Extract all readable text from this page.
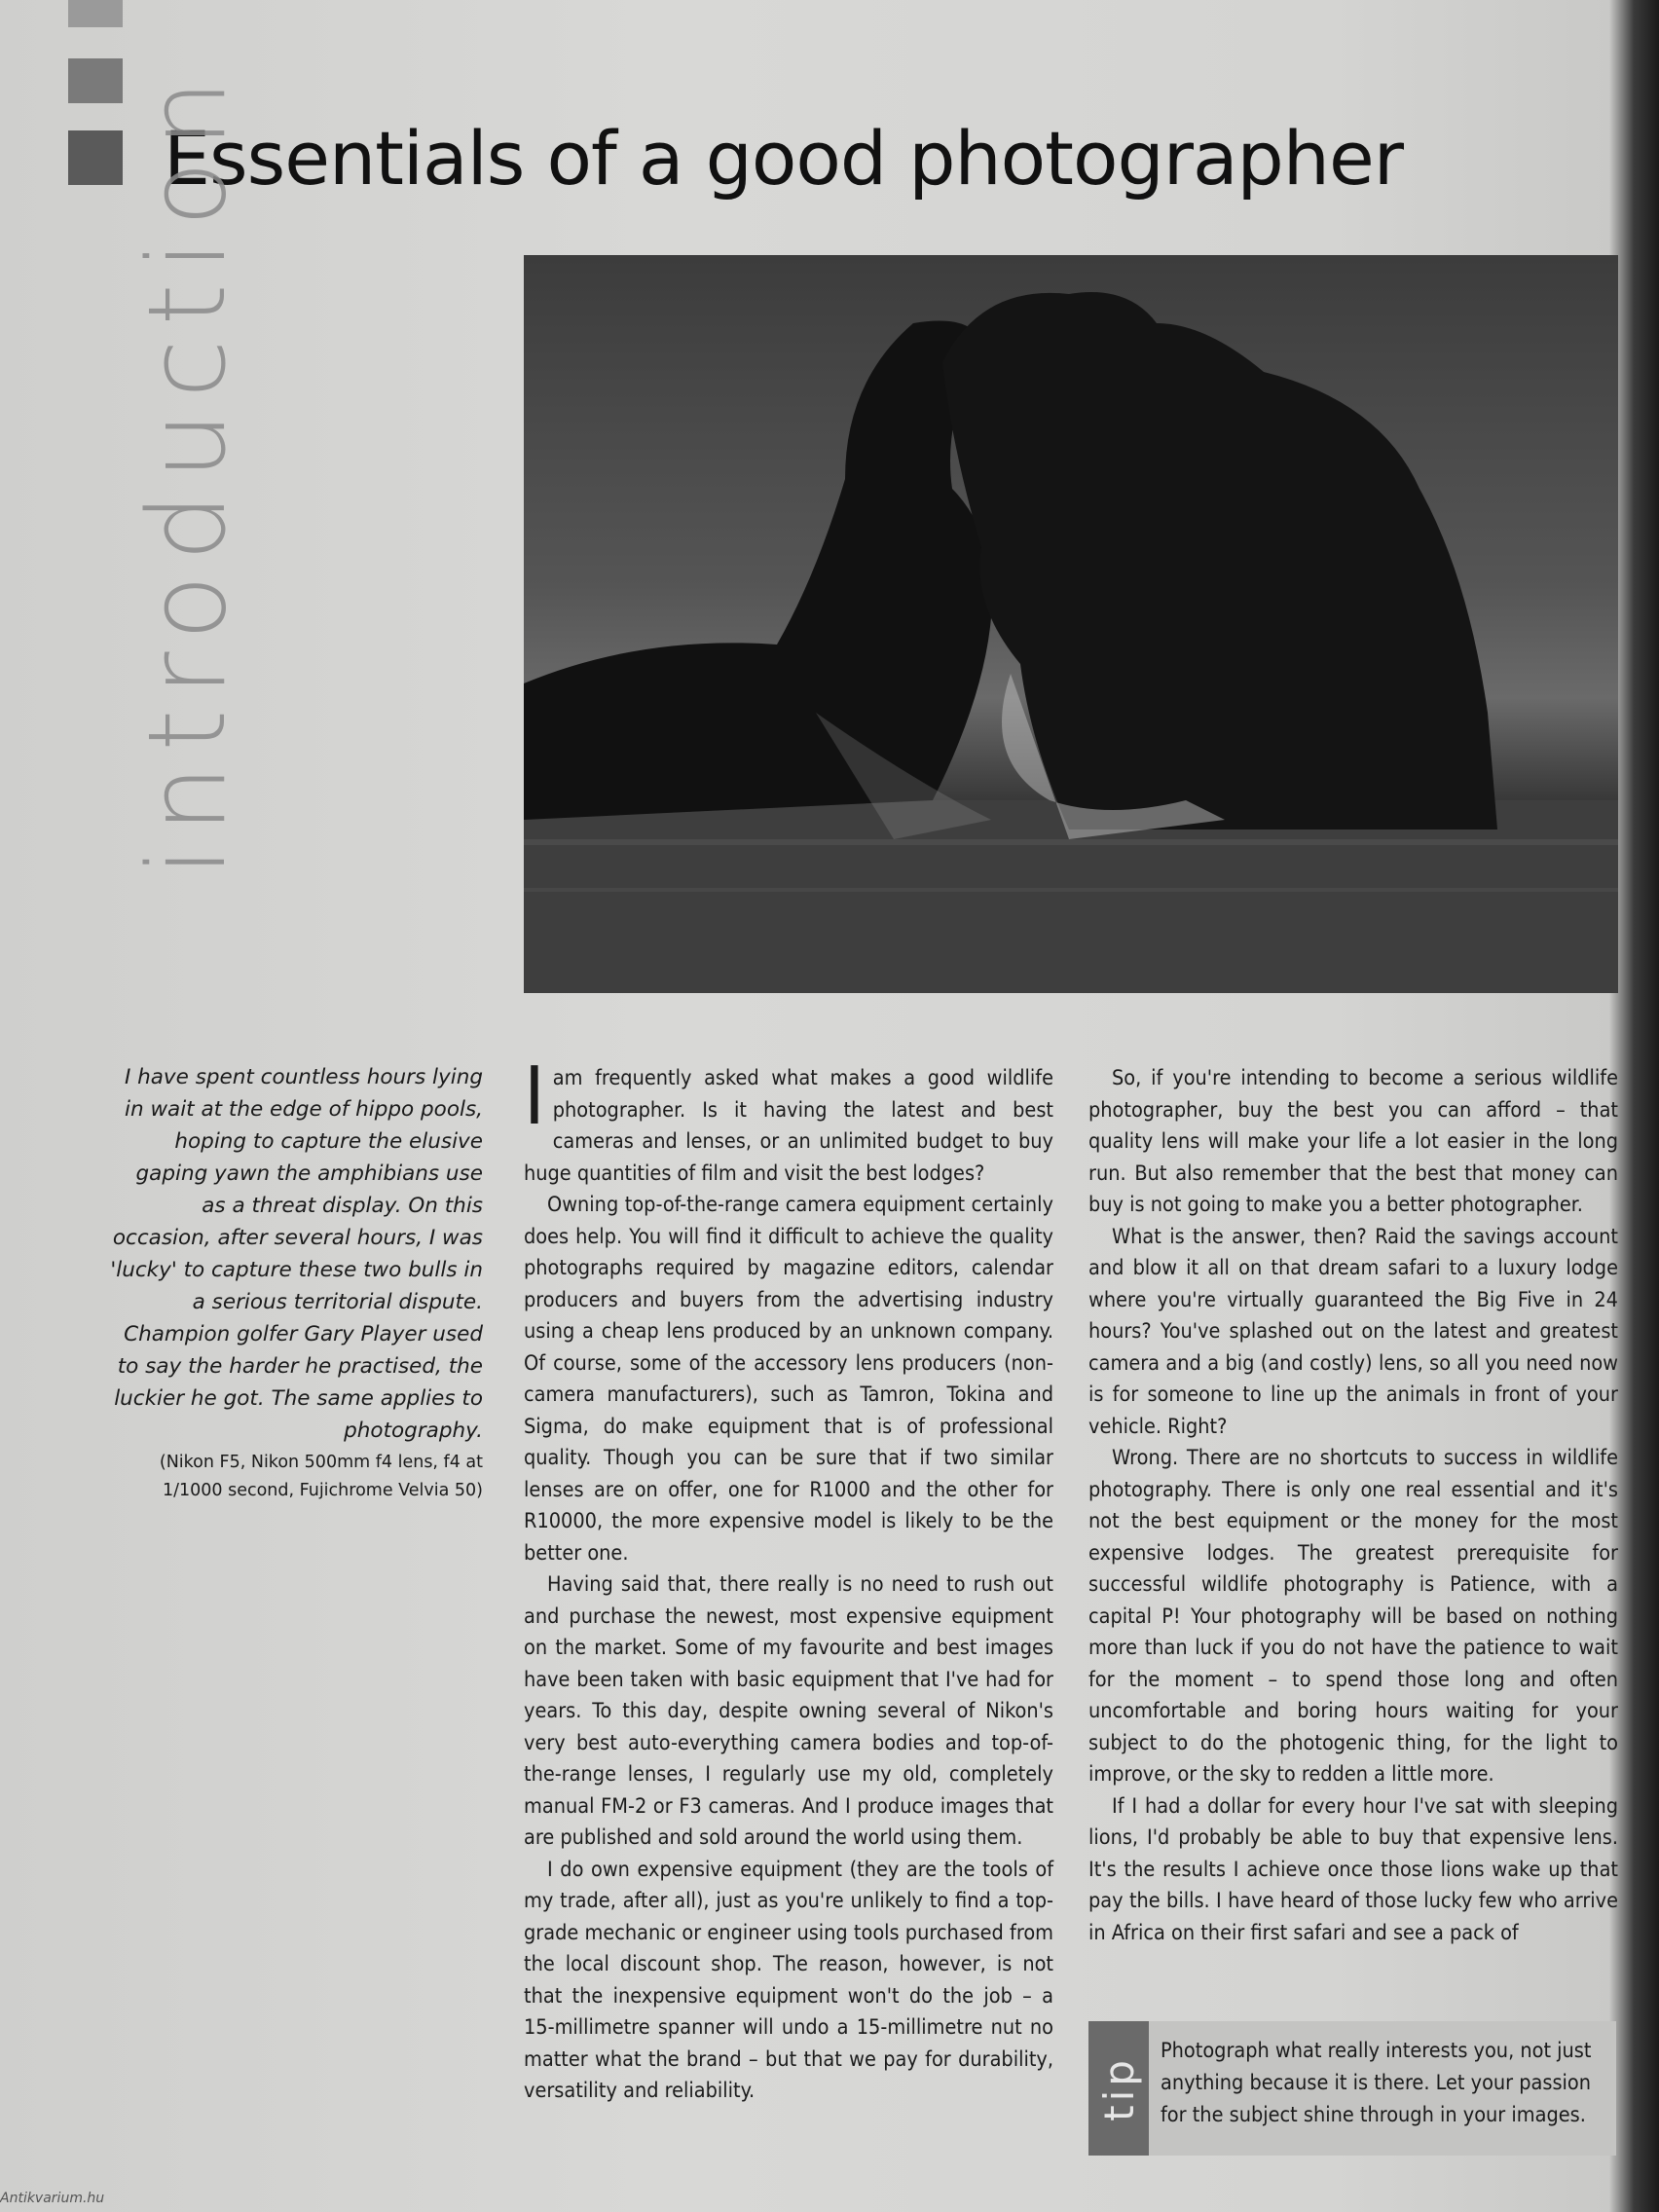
Essentials of a good photographer
introduction
I have spent countless hours lying in wait at the edge of hippo pools, hoping to capture the elusive gaping yawn the amphibians use as a threat display. On this occasion, after several hours, I was 'lucky' to capture these two bulls in a serious territorial dispute. Champion golfer Gary Player used to say the harder he practised, the luckier he got. The same applies to photography.
(Nikon F5, Nikon 500mm f4 lens, f4 at 1/1000 second, Fujichrome Velvia 50)

Iam frequently asked what makes a good wildlife photographer. Is it having the latest and best cameras and lenses, or an unlimited budget to buy huge quantities of film and visit the best lodges?

Owning top-of-the-range camera equipment certainly does help. You will find it difficult to achieve the quality photographs required by magazine editors, calendar producers and buyers from the advertising industry using a cheap lens produced by an unknown company. Of course, some of the accessory lens producers (non-camera manufacturers), such as Tamron, Tokina and Sigma, do make equipment that is of professional quality. Though you can be sure that if two similar lenses are on offer, one for R1000 and the other for R10000, the more expensive model is likely to be the better one.

Having said that, there really is no need to rush out and purchase the newest, most expensive equipment on the market. Some of my favourite and best images have been taken with basic equipment that I've had for years. To this day, despite owning several of Nikon's very best auto-everything camera bodies and top-of-the-range lenses, I regularly use my old, completely manual FM-2 or F3 cameras. And I produce images that are published and sold around the world using them.

I do own expensive equipment (they are the tools of my trade, after all), just as you're unlikely to find a top-grade mechanic or engineer using tools purchased from the local discount shop. The reason, however, is not that the inexpensive equipment won't do the job – a 15-millimetre spanner will undo a 15-millimetre nut no matter what the brand – but that we pay for durability, versatility and reliability.

So, if you're intending to become a serious wildlife photographer, buy the best you can afford – that quality lens will make your life a lot easier in the long run. But also remember that the best that money can buy is not going to make you a better photographer.

What is the answer, then? Raid the savings account and blow it all on that dream safari to a luxury lodge where you're virtually guaranteed the Big Five in 24 hours? You've splashed out on the latest and greatest camera and a big (and costly) lens, so all you need now is for someone to line up the animals in front of your vehicle. Right?

Wrong. There are no shortcuts to success in wildlife photography. There is only one real essential and it's not the best equipment or the money for the most expensive lodges. The greatest prerequisite for successful wildlife photography is Patience, with a capital P! Your photography will be based on nothing more than luck if you do not have the patience to wait for the moment – to spend those long and often uncomfortable and boring hours waiting for your subject to do the photogenic thing, for the light to improve, or the sky to redden a little more.

If I had a dollar for every hour I've sat with sleeping lions, I'd probably be able to buy that expensive lens. It's the results I achieve once those lions wake up that pay the bills. I have heard of those lucky few who arrive in Africa on their first safari and see a pack of

tip
Photograph what really interests you, not just anything because it is there. Let your passion for the subject shine through in your images.
Antikvarium.hu
